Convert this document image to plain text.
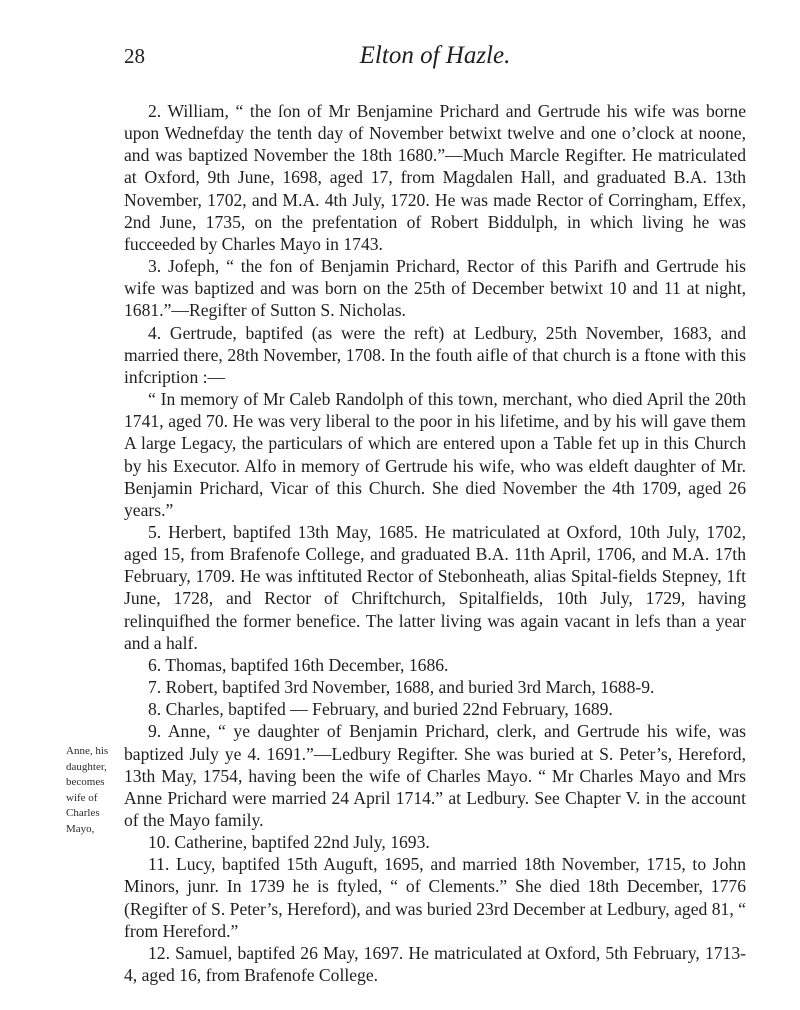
28	Elton of Hazle.
Anne, his
daughter,
becomes
wife of
Charles
Mayo,

2. William, “ the ſon of Mr Benjamine Prichard and Gertrude his wife was borne upon Wednefday the tenth day of November betwixt twelve and one o’clock at noone, and was baptized November the 18th 1680.”—Much Marcle Regifter. He matriculated at Oxford, 9th June, 1698, aged 17, from Magdalen Hall, and graduated B.A. 13th November, 1702, and M.A. 4th July, 1720. He was made Rector of Corringham, Effex, 2nd June, 1735, on the prefentation of Robert Biddulph, in which living he was fucceeded by Charles Mayo in 1743.

3. Jofeph, “ the fon of Benjamin Prichard, Rector of this Parifh and Gertrude his wife was baptized and was born on the 25th of December betwixt 10 and 11 at night, 1681.”—Regifter of Sutton S. Nicholas.

4. Gertrude, baptifed (as were the reft) at Ledbury, 25th November, 1683, and married there, 28th November, 1708. In the fouth aifle of that church is a ftone with this infcription :—

“ In memory of Mr Caleb Randolph of this town, merchant, who died April the 20th 1741, aged 70. He was very liberal to the poor in his lifetime, and by his will gave them A large Legacy, the particulars of which are entered upon a Table fet up in this Church by his Executor. Alfo in memory of Gertrude his wife, who was eldeft daughter of Mr. Benjamin Prichard, Vicar of this Church. She died November the 4th 1709, aged 26 years.”

5. Herbert, baptifed 13th May, 1685. He matriculated at Oxford, 10th July, 1702, aged 15, from Brafenofe College, and graduated B.A. 11th April, 1706, and M.A. 17th February, 1709. He was inftituted Rector of Stebonheath, alias Spital-fields Stepney, 1ft June, 1728, and Rector of Chriftchurch, Spitalfields, 10th July, 1729, having relinquifhed the former benefice. The latter living was again vacant in lefs than a year and a half.

6. Thomas, baptifed 16th December, 1686.

7. Robert, baptifed 3rd November, 1688, and buried 3rd March, 1688-9.

8. Charles, baptifed — February, and buried 22nd February, 1689.

9. Anne, “ ye daughter of Benjamin Prichard, clerk, and Gertrude his wife, was baptized July ye 4. 1691.”—Ledbury Regifter. She was buried at S. Peter’s, Hereford, 13th May, 1754, having been the wife of Charles Mayo. “ Mr Charles Mayo and Mrs Anne Prichard were married 24 April 1714.” at Ledbury. See Chapter V. in the account of the Mayo family.

10. Catherine, baptifed 22nd July, 1693.

11. Lucy, baptifed 15th Auguft, 1695, and married 18th November, 1715, to John Minors, junr. In 1739 he is ftyled, “ of Clements.” She died 18th December, 1776 (Regifter of S. Peter’s, Hereford), and was buried 23rd December at Ledbury, aged 81, “ from Hereford.”

12. Samuel, baptifed 26 May, 1697. He matriculated at Oxford, 5th February, 1713-4, aged 16, from Brafenofe College.
